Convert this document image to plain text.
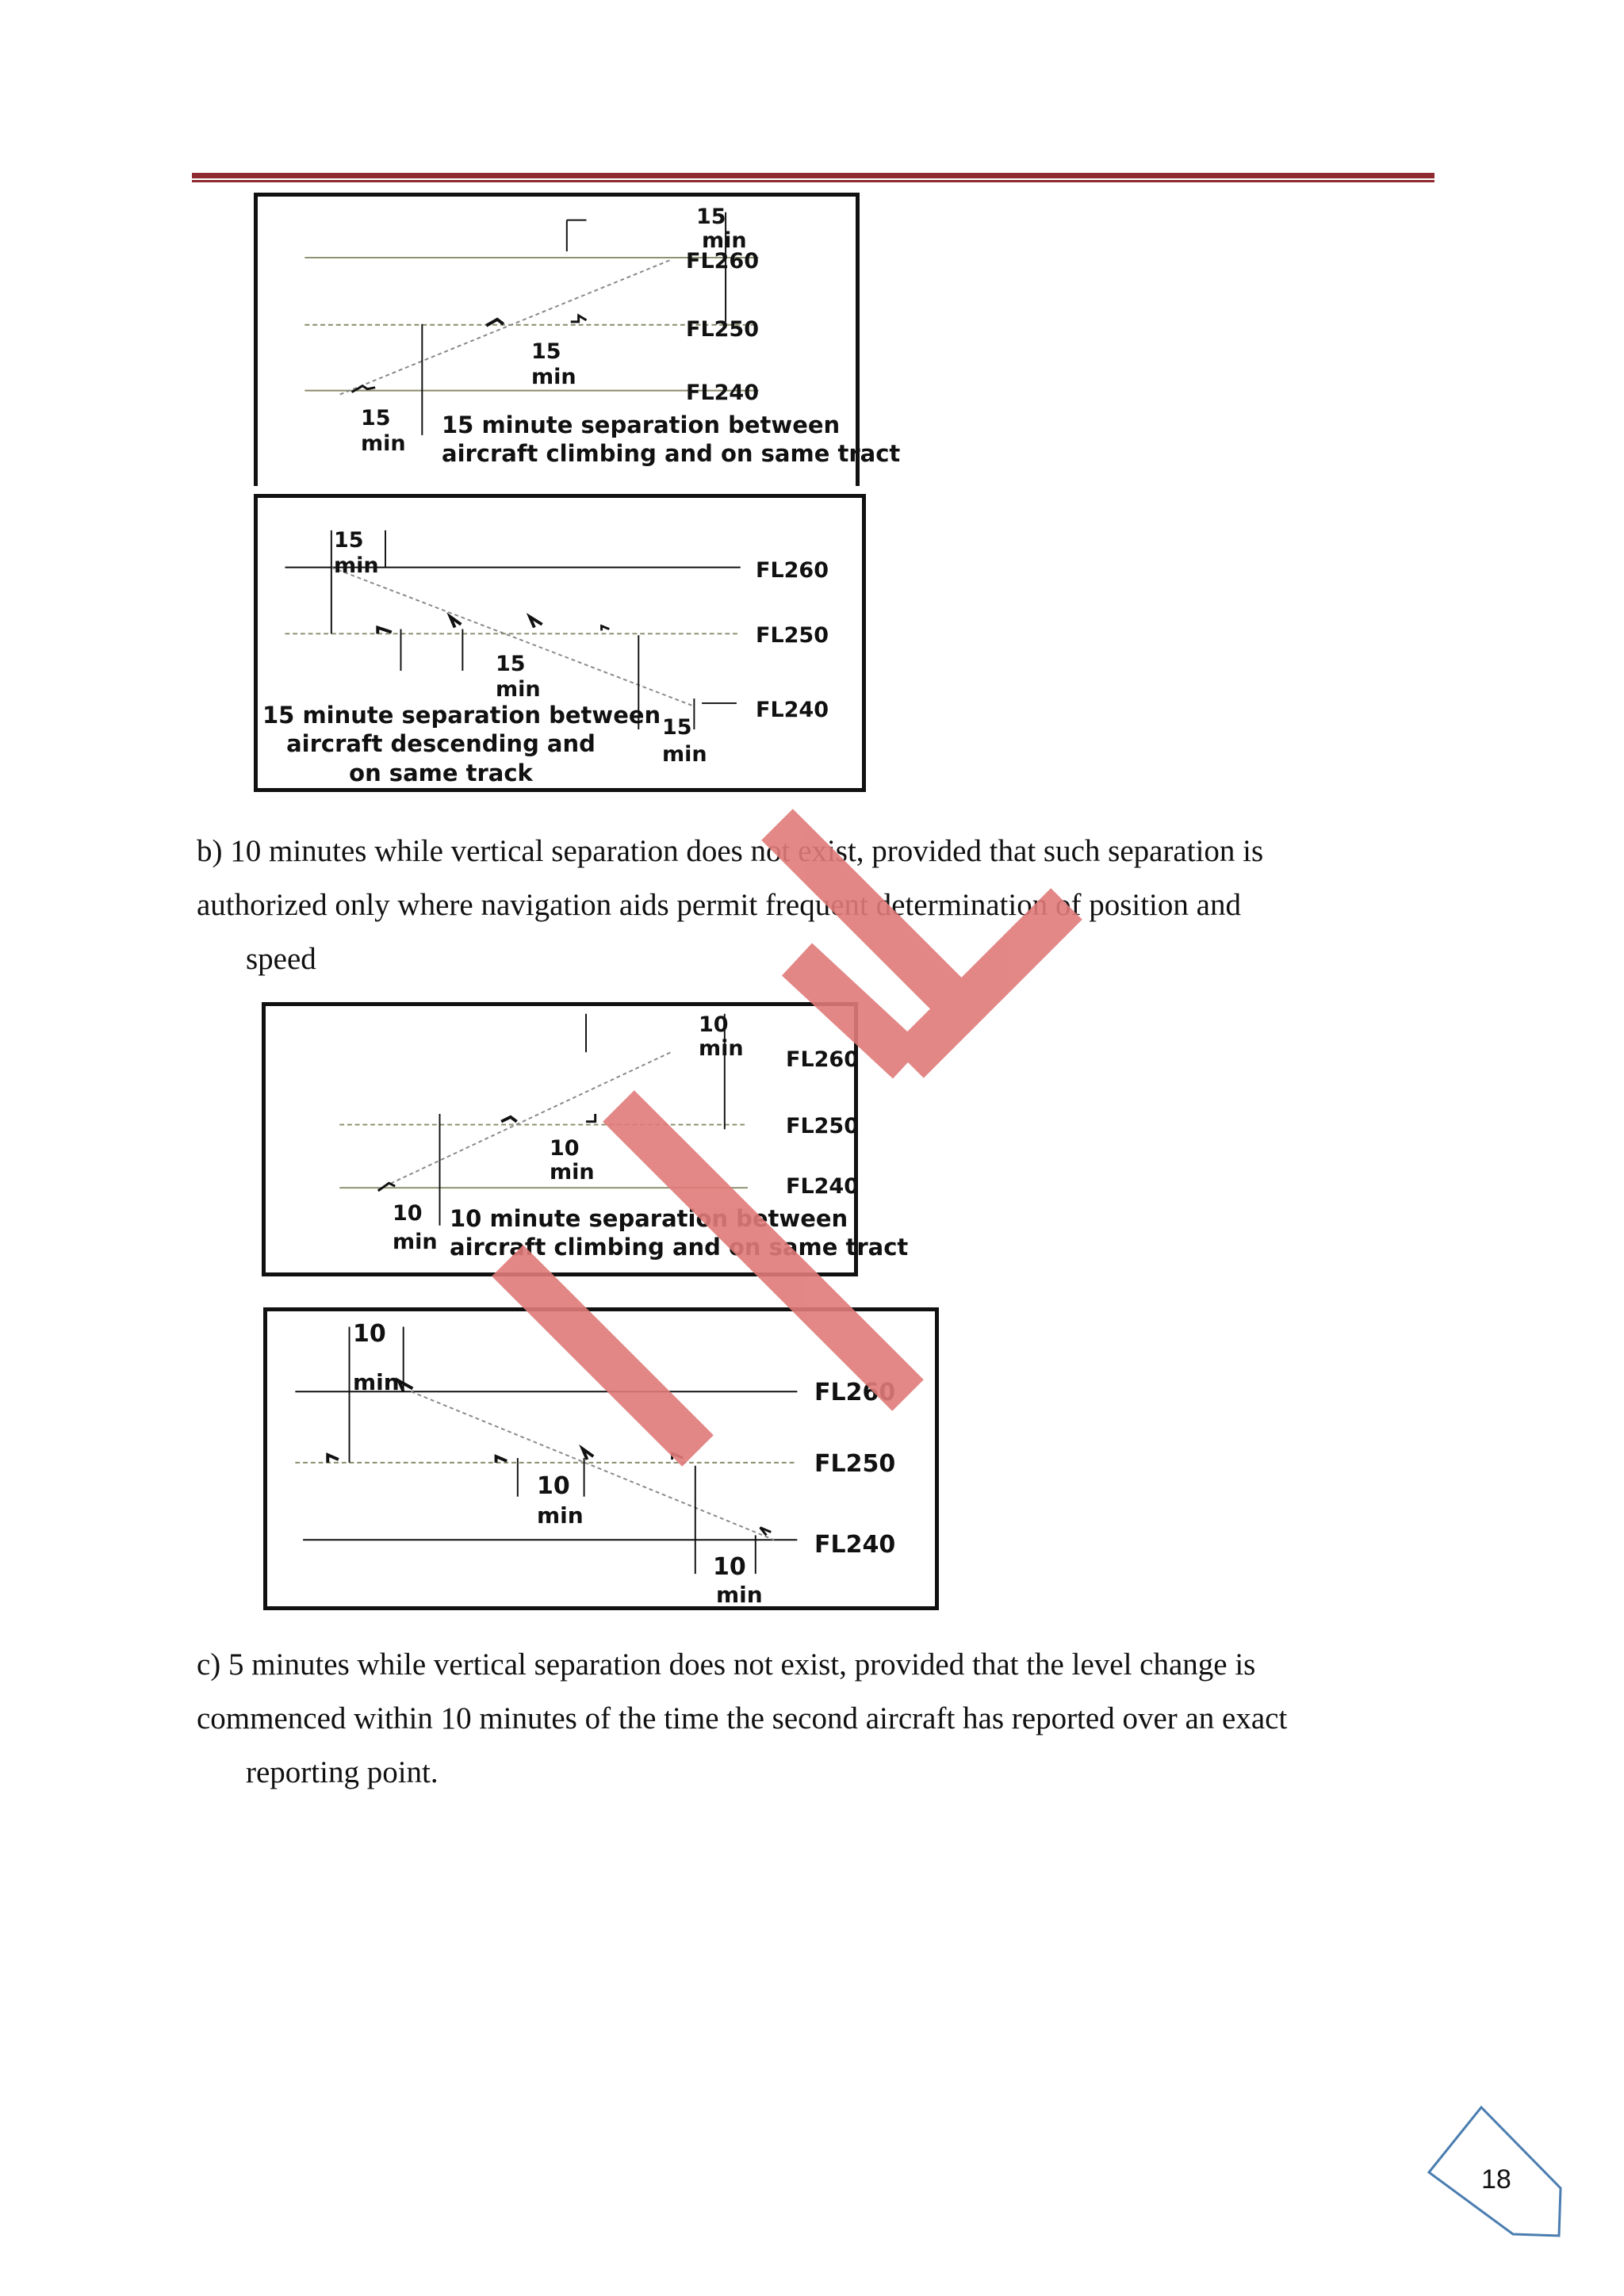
FL260
FL250
FL240
15
min
15
min
15
min
15 minute separation between
aircraft climbing and on same tract
FL260
FL250
FL240
15
min
15
min
15
min
15 minute separation between
aircraft descending and
on same track
b) 10 minutes while vertical separation does not exist, provided that such separation is
authorized only where navigation aids permit frequent determination of position and
speed
FL260
FL250
FL240
10
min
10
min
10
min
10 minute separation between
aircraft climbing and on same tract
FL260
FL250
FL240
10
min
10
min
10
min
c) 5 minutes while vertical separation does not exist, provided that the level change is
commenced within 10 minutes of the time the second aircraft has reported over an exact
reporting point.
18
